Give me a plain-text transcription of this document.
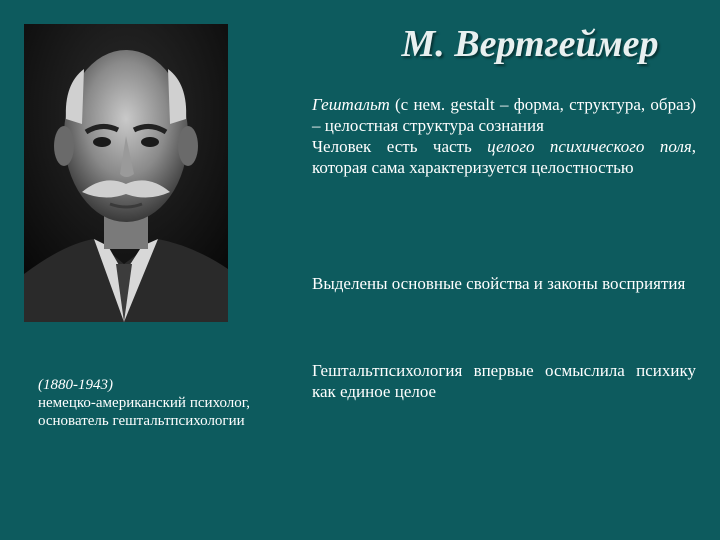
М. Вертгеймер
(1880-1943)
немецко-американский психолог, основатель гештальтпсихологии
Гештальт (с нем. gestalt – форма, структура, образ) – целостная структура сознания
Человек есть часть целого психического поля, которая сама характеризуется целостностью
Выделены основные свойства и законы восприятия
Гештальтпсихология впервые осмыслила психику как единое целое
